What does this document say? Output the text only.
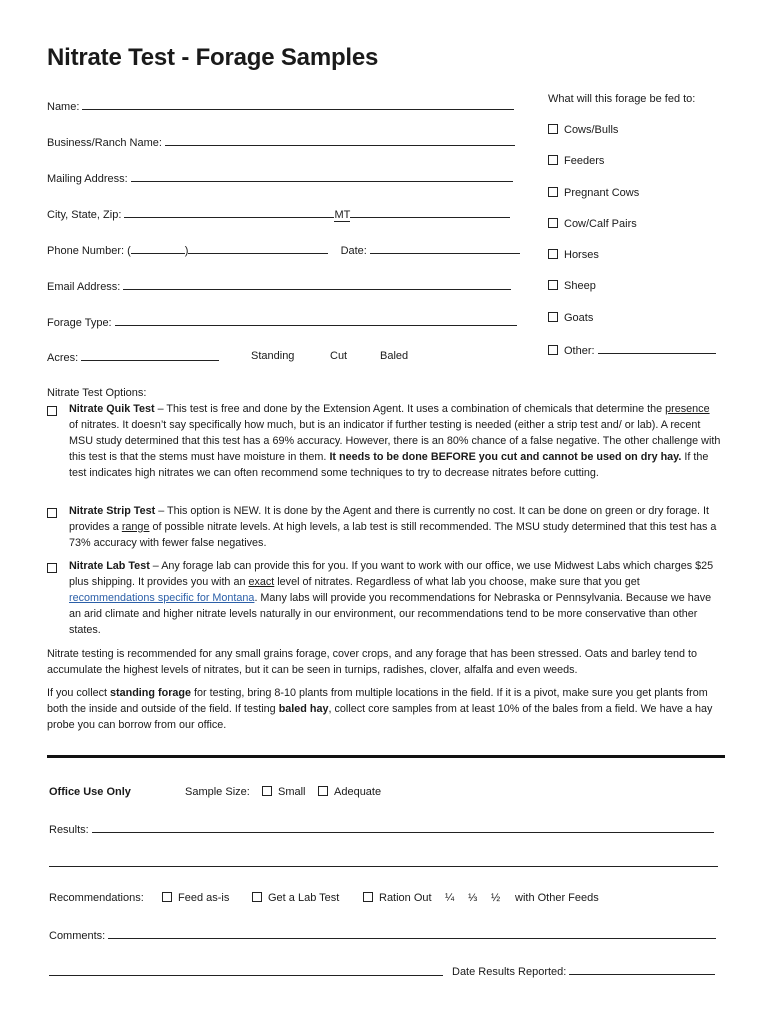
Nitrate Test - Forage Samples
Name:
Business/Ranch Name:
Mailing Address:
City, State, Zip:	MT
Phone Number: (	)	Date:
Email Address:
Forage Type:
Acres:	Standing	Cut	Baled
What will this forage be fed to:
Cows/Bulls
Feeders
Pregnant Cows
Cow/Calf Pairs
Horses
Sheep
Goats
Other:
Nitrate Test Options:
Nitrate Quik Test – This test is free and done by the Extension Agent. It uses a combination of chemicals that determine the presence of nitrates. It doesn’t say specifically how much, but is an indicator if further testing is needed (either a strip test and/ or lab). A recent MSU study determined that this test has a 69% accuracy. However, there is an 80% chance of a false negative. The other challenge with this test is that the stems must have moisture in them. It needs to be done BEFORE you cut and cannot be used on dry hay. If the test indicates high nitrates we can often recommend some techniques to try to decrease nitrates before cutting.
Nitrate Strip Test – This option is NEW. It is done by the Agent and there is currently no cost. It can be done on green or dry forage. It provides a range of possible nitrate levels. At high levels, a lab test is still recommended. The MSU study determined that this test has a 73% accuracy with fewer false negatives.
Nitrate Lab Test – Any forage lab can provide this for you. If you want to work with our office, we use Midwest Labs which charges $25 plus shipping. It provides you with an exact level of nitrates. Regardless of what lab you choose, make sure that you get recommendations specific for Montana. Many labs will provide you recommendations for Nebraska or Pennsylvania. Because we have an arid climate and higher nitrate levels naturally in our environment, our recommendations tend to be more conservative than other states.
Nitrate testing is recommended for any small grains forage, cover crops, and any forage that has been stressed. Oats and barley tend to accumulate the highest levels of nitrates, but it can be seen in turnips, radishes, clover, alfalfa and even weeds.
If you collect standing forage for testing, bring 8-10 plants from multiple locations in the field. If it is a pivot, make sure you get plants from both the inside and outside of the field. If testing baled hay, collect core samples from at least 10% of the bales from a field. We have a hay probe you can borrow from our office.
Office Use Only	Sample Size:	Small	Adequate
Results:
Recommendations:	Feed as-is	Get a Lab Test	Ration Out ¼ ⅓ ½ with Other Feeds
Comments:
Date Results Reported:
